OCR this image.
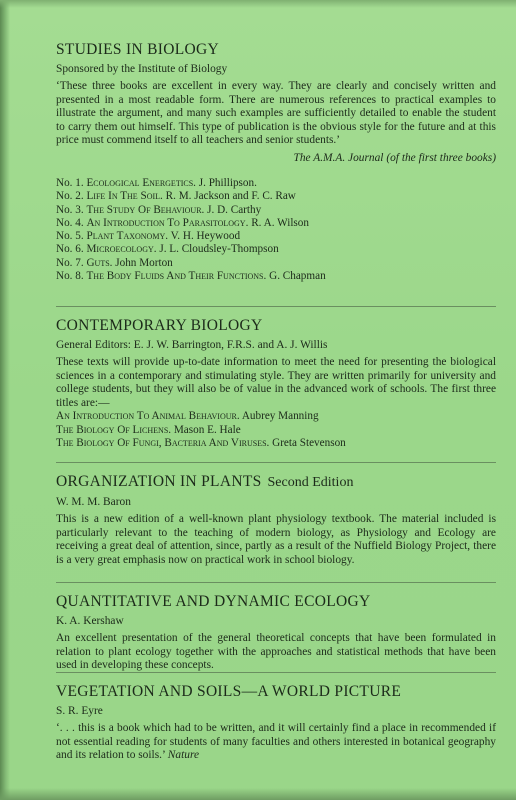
STUDIES IN BIOLOGY
Sponsored by the Institute of Biology
‘These three books are excellent in every way. They are clearly and concisely written and presented in a most readable form. There are numerous references to practical examples to illustrate the argument, and many such examples are sufficiently detailed to enable the student to carry them out himself. This type of publication is the obvious style for the future and at this price must commend itself to all teachers and senior students.’
The A.M.A. Journal (of the first three books)
No. 1. Ecological Energetics. J. Phillipson.
No. 2. Life In The Soil. R. M. Jackson and F. C. Raw
No. 3. The Study Of Behaviour. J. D. Carthy
No. 4. An Introduction To Parasitology. R. A. Wilson
No. 5. Plant Taxonomy. V. H. Heywood
No. 6. Microecology. J. L. Cloudsley-Thompson
No. 7. Guts. John Morton
No. 8. The Body Fluids And Their Functions. G. Chapman
CONTEMPORARY BIOLOGY
General Editors: E. J. W. Barrington, F.R.S. and A. J. Willis
These texts will provide up-to-date information to meet the need for presenting the biological sciences in a contemporary and stimulating style. They are written primarily for university and college students, but they will also be of value in the advanced work of schools. The first three titles are:—
An Introduction To Animal Behaviour. Aubrey Manning
The Biology Of Lichens. Mason E. Hale
The Biology Of Fungi, Bacteria And Viruses. Greta Stevenson
ORGANIZATION IN PLANTS Second Edition
W. M. M. Baron
This is a new edition of a well-known plant physiology textbook. The material included is particularly relevant to the teaching of modern biology, as Physiology and Ecology are receiving a great deal of attention, since, partly as a result of the Nuffield Biology Project, there is a very great emphasis now on practical work in school biology.
QUANTITATIVE AND DYNAMIC ECOLOGY
K. A. Kershaw
An excellent presentation of the general theoretical concepts that have been formulated in relation to plant ecology together with the approaches and statistical methods that have been used in developing these concepts.
VEGETATION AND SOILS—A WORLD PICTURE
S. R. Eyre
‘. . . this is a book which had to be written, and it will certainly find a place in recommended if not essential reading for students of many faculties and others interested in botanical geography and its relation to soils.’ Nature
